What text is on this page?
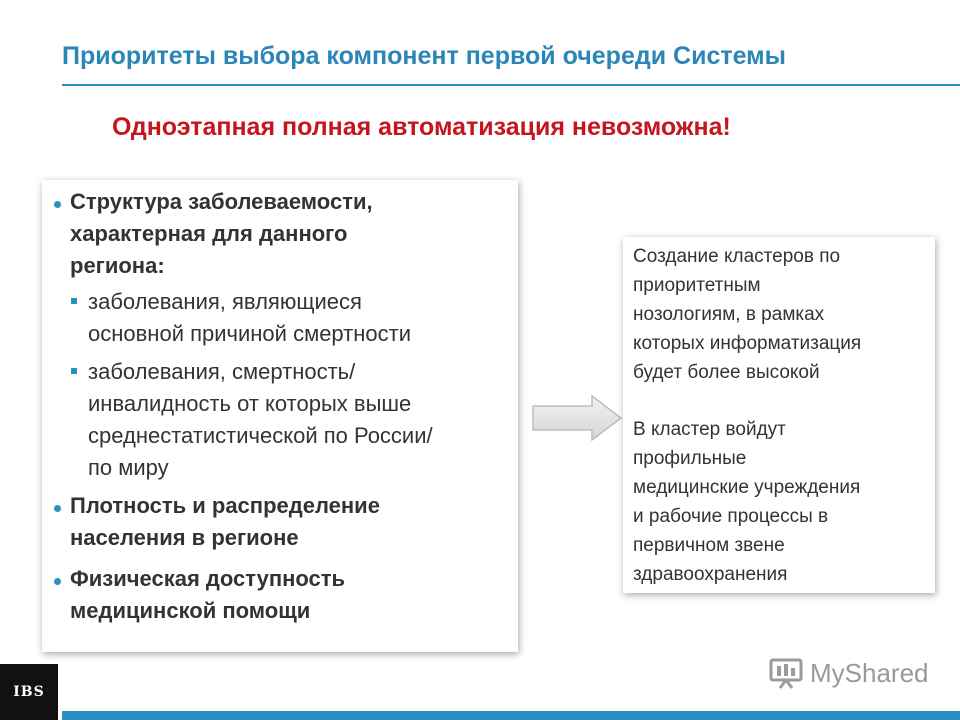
Приоритеты выбора компонент первой очереди Системы
Одноэтапная полная автоматизация невозможна!
Структура заболеваемости,
характерная для данного
региона:
заболевания, являющиеся
основной причиной смертности
заболевания, смертность/
инвалидность от которых выше
среднестатистической по России/
по миру
Плотность и распределение
населения в регионе
Физическая доступность
медицинской помощи
Создание кластеров по
приоритетным
нозологиям, в рамках
которых информатизация
будет более высокой
В кластер войдут
профильные
медицинские учреждения
и рабочие процессы в
первичном звене
здравоохранения
IBS
MyShared
